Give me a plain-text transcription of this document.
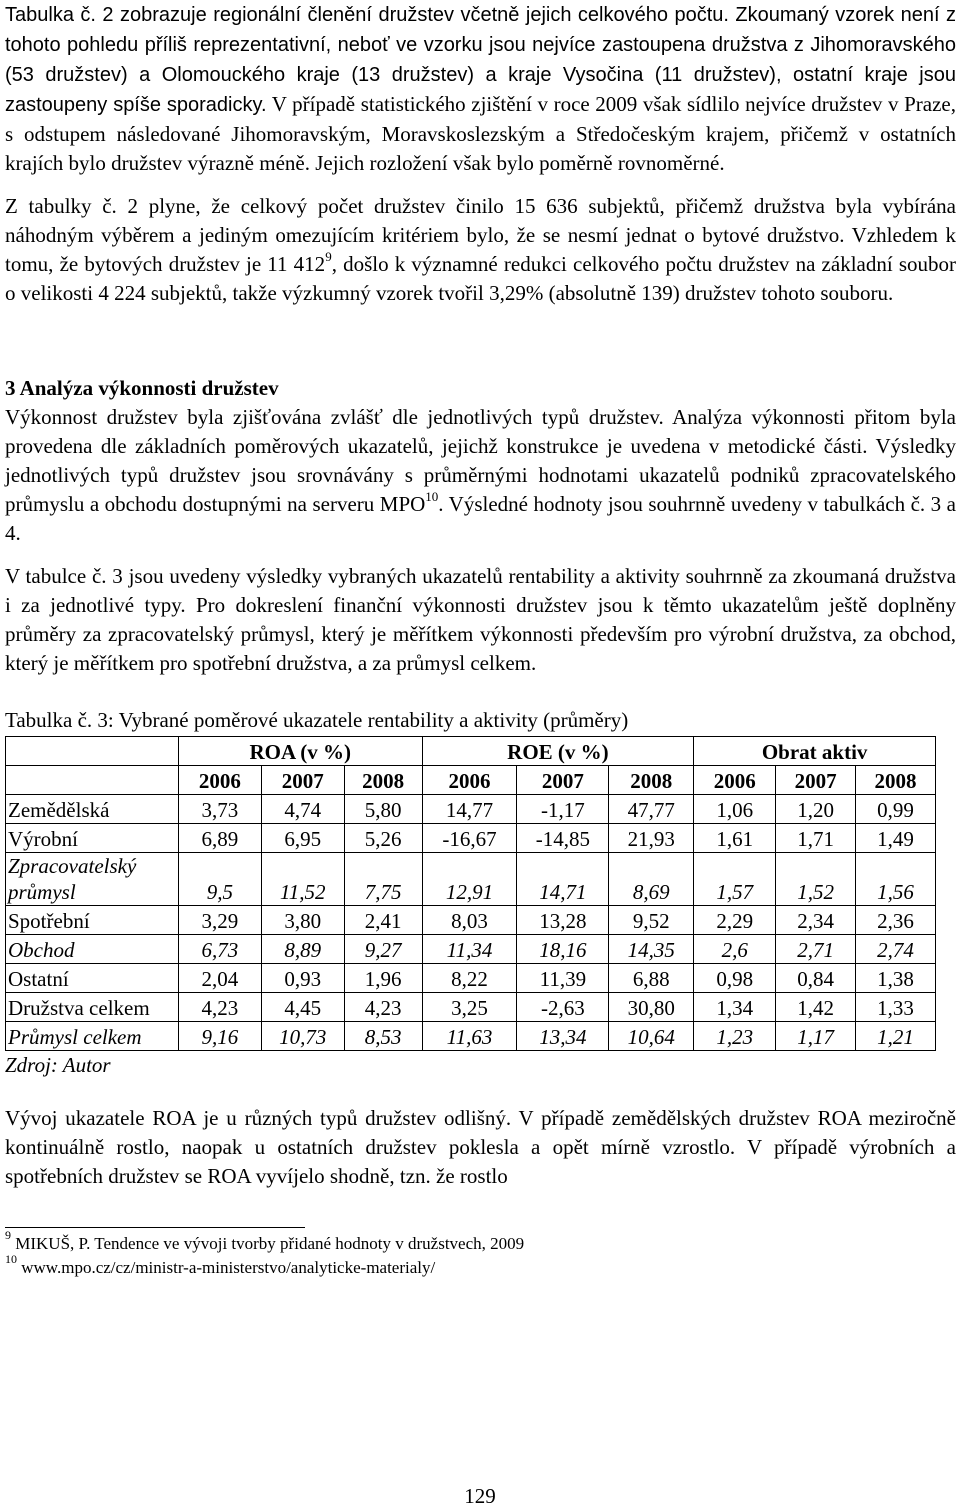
Tabulka č. 2 zobrazuje regionální členění družstev včetně jejich celkového počtu. Zkoumaný vzorek není z tohoto pohledu příliš reprezentativní, neboť ve vzorku jsou nejvíce zastoupena družstva z Jihomoravského (53 družstev) a Olomouckého kraje (13 družstev) a kraje Vysočina (11 družstev), ostatní kraje jsou zastoupeny spíše sporadicky. V případě statistického zjištění v roce 2009 však sídlilo nejvíce družstev v Praze, s odstupem následované Jihomoravským, Moravskoslezským a Středočeským krajem, přičemž v ostatních krajích bylo družstev výrazně méně. Jejich rozložení však bylo poměrně rovnoměrné.

Z tabulky č. 2 plyne, že celkový počet družstev činilo 15 636 subjektů, přičemž družstva byla vybírána náhodným výběrem a jediným omezujícím kritériem bylo, že se nesmí jednat o bytové družstvo. Vzhledem k tomu, že bytových družstev je 11 $412^9$, došlo k významné redukci celkového počtu družstev na základní soubor o velikosti 4 224 subjektů, takže výzkumný vzorek tvořil 3,29% (absolutně 139) družstev tohoto souboru.

3 Analýza výkonnosti družstev

Výkonnost družstev byla zjišťována zvlášť dle jednotlivých typů družstev. Analýza výkonnosti přitom byla provedena dle základních poměrových ukazatelů, jejichž konstrukce je uvedena v metodické části. Výsledky jednotlivých typů družstev jsou srovnávány s průměrnými hodnotami ukazatelů podniků zpracovatelského průmyslu a obchodu dostupnými na serveru MPO$^{10}$. Výsledné hodnoty jsou souhrnně uvedeny v tabulkách č. 3 a 4.

V tabulce č. 3 jsou uvedeny výsledky vybraných ukazatelů rentability a aktivity souhrnně za zkoumaná družstva i za jednotlivé typy. Pro dokreslení finanční výkonnosti družstev jsou k těmto ukazatelům ještě doplněny průměry za zpracovatelský průmysl, který je měřítkem výkonnosti především pro výrobní družstva, za obchod, který je měřítkem pro spotřební družstva, a za průmysl celkem.

Tabulka č. 3: Vybrané poměrové ukazatele rentability a aktivity (průměry)
	ROA (v %)			ROE (v %)			Obrat aktiv		
	2006	2007	2008	2006	2007	2008	2006	2007	2008
Zemědělská	3,73	4,74	5,80	14,77	-1,17	47,77	1,06	1,20	0,99
Výrobní	6,89	6,95	5,26	-16,67	-14,85	21,93	1,61	1,71	1,49
Zpracovatelský průmysl	9,5	11,52	7,75	12,91	14,71	8,69	1,57	1,52	1,56
Spotřební	3,29	3,80	2,41	8,03	13,28	9,52	2,29	2,34	2,36
Obchod	6,73	8,89	9,27	11,34	18,16	14,35	2,6	2,71	2,74
Ostatní	2,04	0,93	1,96	8,22	11,39	6,88	0,98	0,84	1,38
Družstva celkem	4,23	4,45	4,23	3,25	-2,63	30,80	1,34	1,42	1,33
Průmysl celkem	9,16	10,73	8,53	11,63	13,34	10,64	1,23	1,17	1,21
Zdroj: Autor

Vývoj ukazatele ROA je u různých typů družstev odlišný. V případě zemědělských družstev ROA meziročně kontinuálně rostlo, naopak u ostatních družstev poklesla a opět mírně vzrostlo. V případě výrobních a spotřebních družstev se ROA vyvíjelo shodně, tzn. že rostlo

$^9$ MIKUŠ, P. Tendence ve vývoji tvorby přidané hodnoty v družstvech, 2009
$^{10}$ www.mpo.cz/cz/ministr-a-ministerstvo/analyticke-materialy/
129
